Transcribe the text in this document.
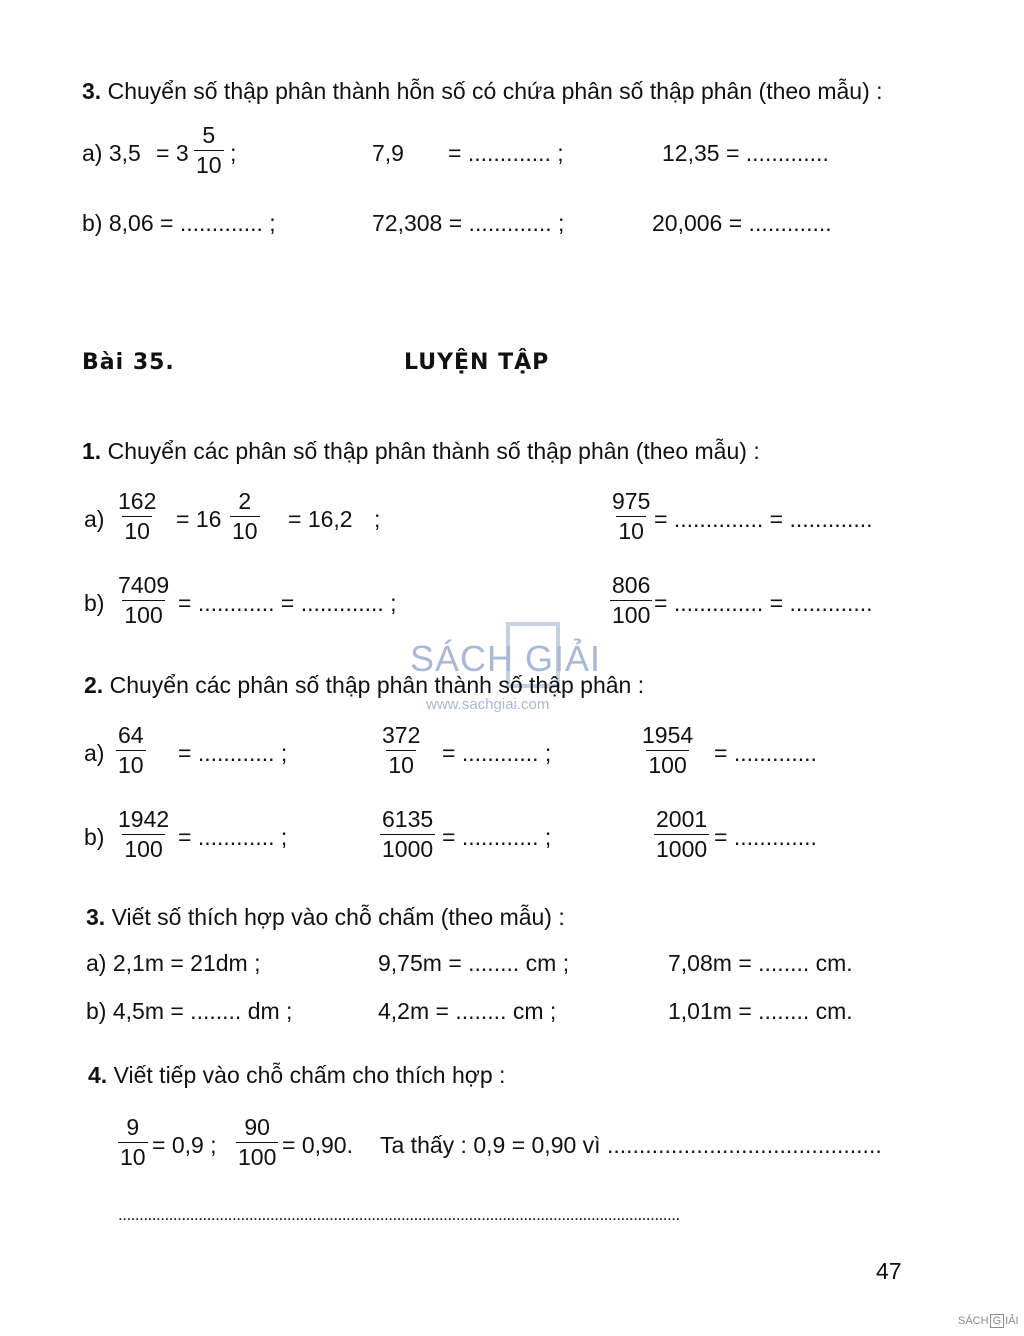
3. Chuyển số thập phân thành hỗn số có chứa phân số thập phân (theo mẫu) :
a) $3,5 = 3 \frac{5}{10}$ ;	7,9 = ............. ;	12,35 = .............
b) 8,06 = ............. ;	72,308 = ............. ;	20,006 = .............
Bài 35.	LUYỆN TẬP
1. Chuyển các phân số thập phân thành số thập phân (theo mẫu) :
$a) \frac{162}{10} = 16 \frac{2}{10} = 16,2$ ;	$\frac{975}{10}$ = .............. = .............
$b) \frac{7409}{100}$ = ............ = ............. ;	$\frac{806}{100}$ = .............. = .............
SÁCH GIẢI
www.sachgiai.com
2. Chuyển các phân số thập phân thành số thập phân :
$a) \frac{64}{10}$ = ............ ;	$\frac{372}{10}$ = ............ ;	$\frac{1954}{100}$ = .............
$b) \frac{1942}{100}$ = ............ ;	$\frac{6135}{1000}$ = ............ ;	$\frac{2001}{1000}$ = .............
3. Viết số thích hợp vào chỗ chấm (theo mẫu) :
a) 2,1m = 21dm ;	9,75m = ........ cm ;	7,08m = ........ cm.
b) 4,5m = ........ dm ;	4,2m = ........ cm ;	1,01m = ........ cm.
4. Viết tiếp vào chỗ chấm cho thích hợp :
$\frac{9}{10} = 0,9$ ; $\frac{90}{100} = 0,90$. Ta thấy : 0,9 = 0,90 vì ...........................................
.....................................................................................................................................
47
SÁCH G IẢI
